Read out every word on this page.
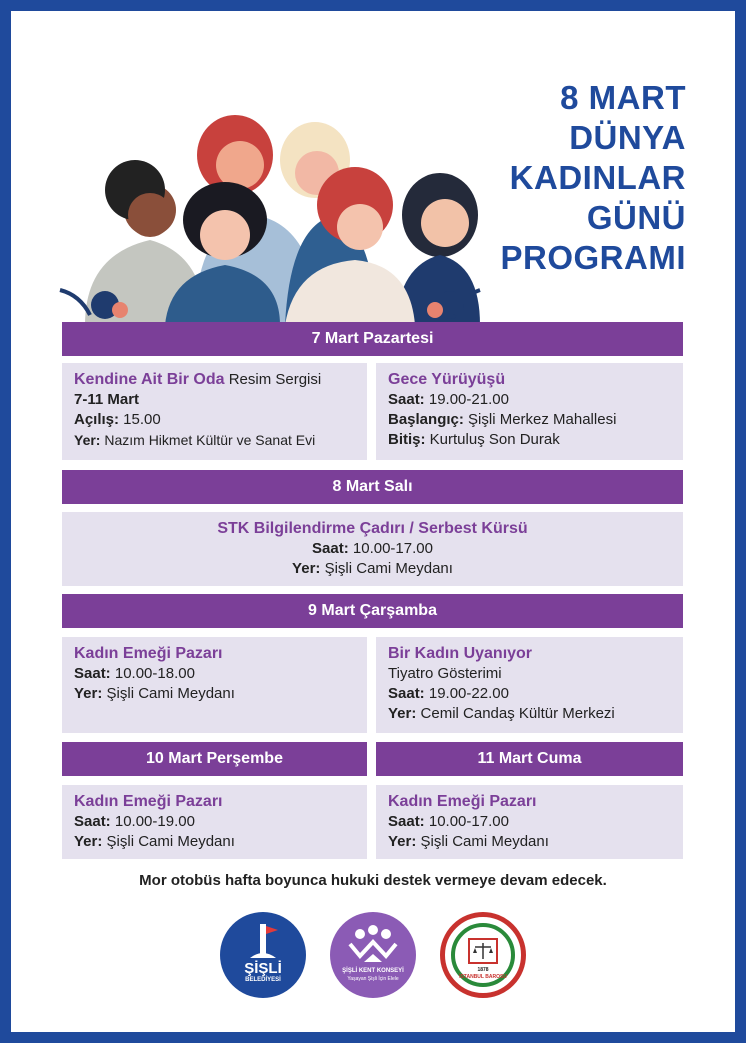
8 MART
DÜNYA
KADINLAR
GÜNÜ
PROGRAMI
7 Mart Pazartesi
Kendine Ait Bir Oda Resim Sergisi
7-11 Mart
Açılış: 15.00
Yer: Nazım Hikmet Kültür ve Sanat Evi
Gece Yürüyüşü
Saat: 19.00-21.00
Başlangıç: Şişli Merkez Mahallesi
Bitiş: Kurtuluş Son Durak
8 Mart Salı
STK Bilgilendirme Çadırı / Serbest Kürsü
Saat: 10.00-17.00
Yer: Şişli Cami Meydanı
9 Mart Çarşamba
Kadın Emeği Pazarı
Saat: 10.00-18.00
Yer: Şişli Cami Meydanı
Bir Kadın Uyanıyor
Tiyatro Gösterimi
Saat: 19.00-22.00
Yer: Cemil Candaş Kültür Merkezi
10 Mart Perşembe	11 Mart Cuma
Kadın Emeği Pazarı
Saat: 10.00-19.00
Yer: Şişli Cami Meydanı
Kadın Emeği Pazarı
Saat: 10.00-17.00
Yer: Şişli Cami Meydanı
Mor otobüs hafta boyunca hukuki destek vermeye devam edecek.
ŞİŞLİ
BELEDİYESİ
ŞİŞLİ KENT KONSEYİ
Yaşayan Şişli İçin Elele
1878
İSTANBUL BAROSU
